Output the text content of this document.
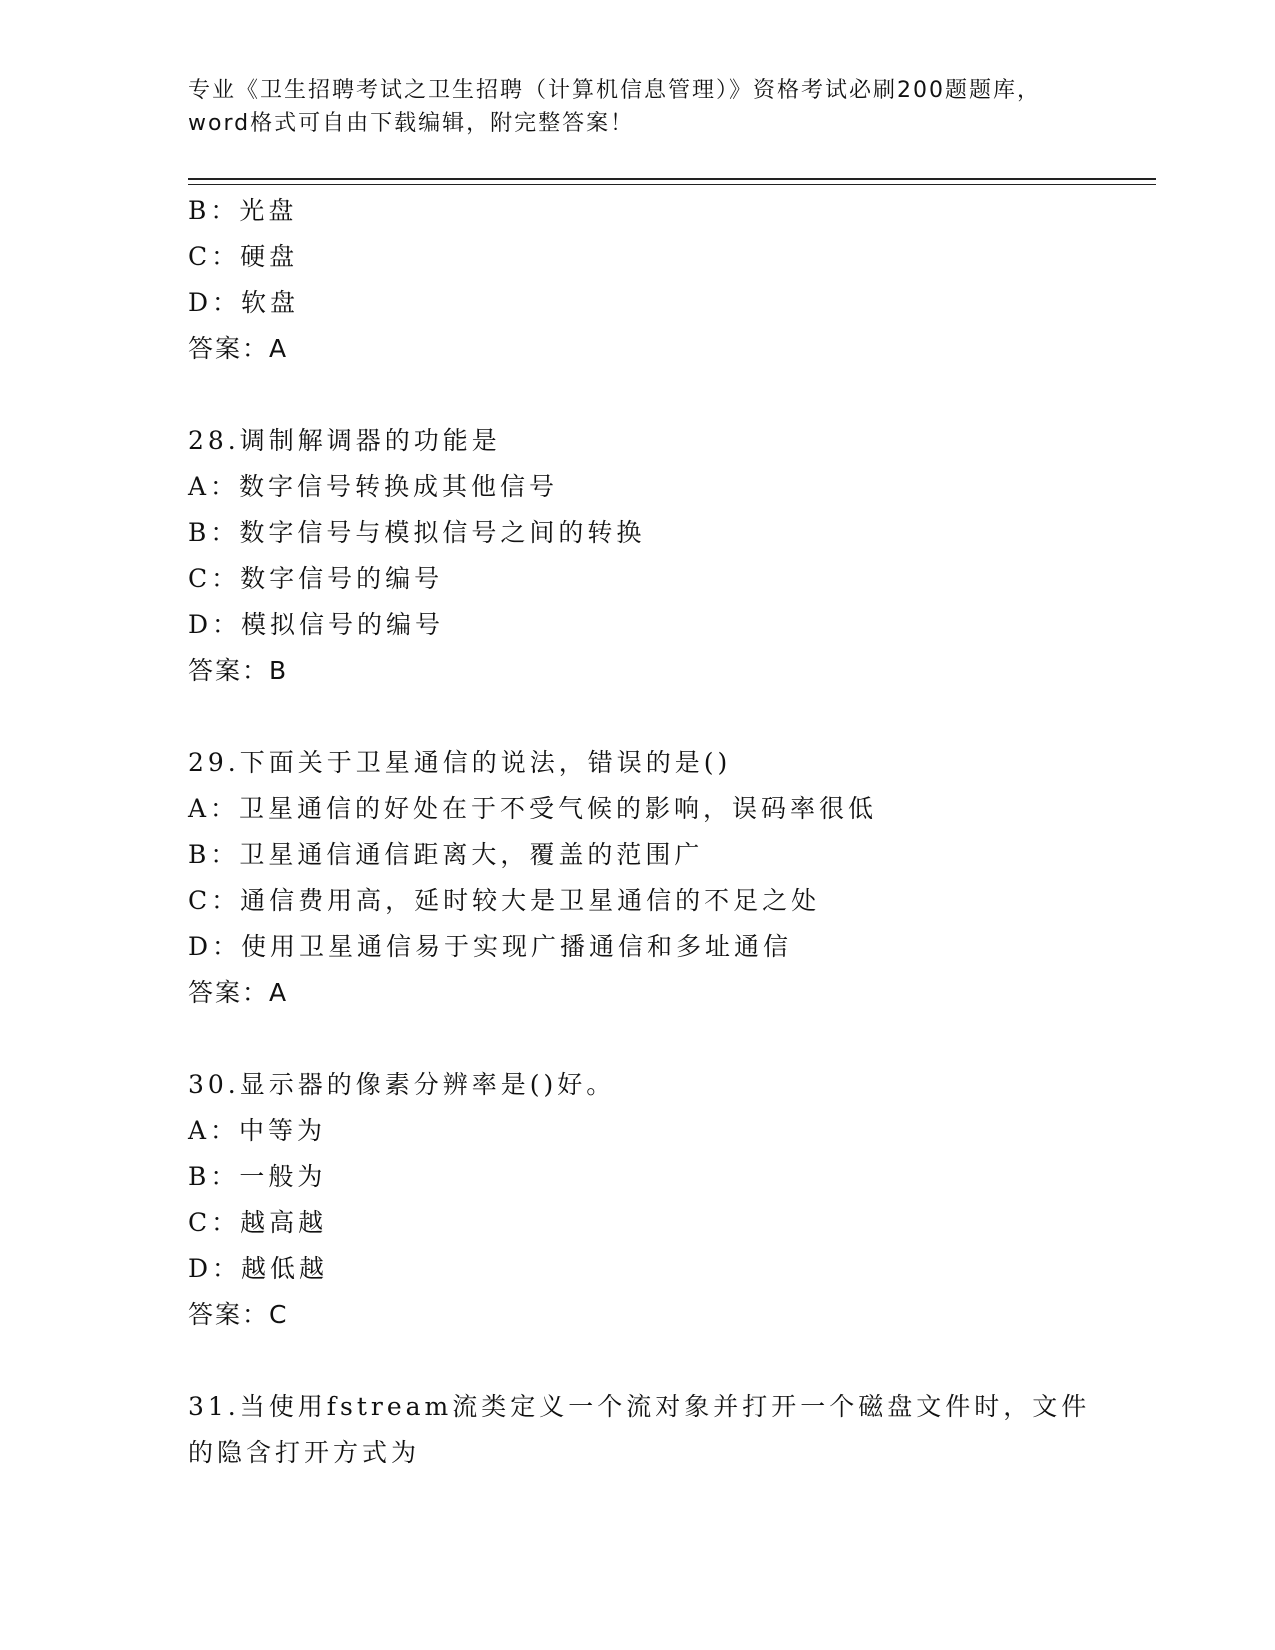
专业《卫生招聘考试之卫生招聘（计算机信息管理）》资格考试必刷200题题库，
word格式可自由下载编辑，附完整答案！
B：光盘
C：硬盘
D：软盘
答案：A
28.调制解调器的功能是
A：数字信号转换成其他信号
B：数字信号与模拟信号之间的转换
C：数字信号的编号
D：模拟信号的编号
答案：B
29.下面关于卫星通信的说法，错误的是()
A：卫星通信的好处在于不受气候的影响，误码率很低
B：卫星通信通信距离大，覆盖的范围广
C：通信费用高，延时较大是卫星通信的不足之处
D：使用卫星通信易于实现广播通信和多址通信
答案：A
30.显示器的像素分辨率是()好。
A：中等为
B：一般为
C：越高越
D：越低越
答案：C
31.当使用fstream流类定义一个流对象并打开一个磁盘文件时，文件
的隐含打开方式为
